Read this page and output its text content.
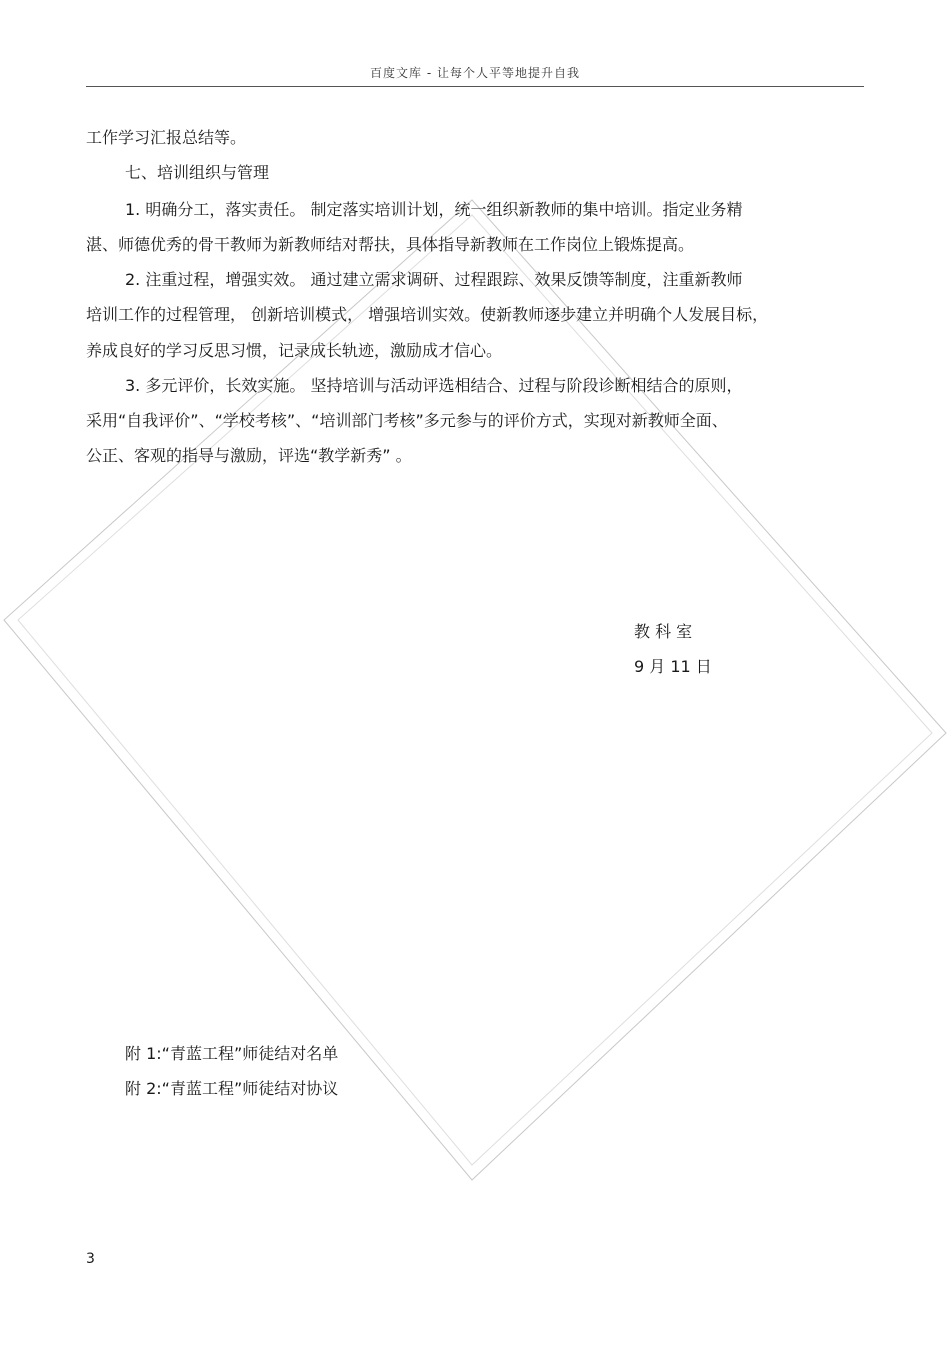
百度文库 - 让每个人平等地提升自我
工作学习汇报总结等。
七、培训组织与管理
1. 明确分工，落实责任。 制定落实培训计划，统一组织新教师的集中培训。指定业务精
湛、师德优秀的骨干教师为新教师结对帮扶，具体指导新教师在工作岗位上锻炼提高。
2. 注重过程，增强实效。 通过建立需求调研、过程跟踪、效果反馈等制度，注重新教师
培训工作的过程管理， 创新培训模式， 增强培训实效。使新教师逐步建立并明确个人发展目标，
养成良好的学习反思习惯，记录成长轨迹，激励成才信心。
3. 多元评价，长效实施。 坚持培训与活动评选相结合、过程与阶段诊断相结合的原则，
采用“自我评价”、“学校考核”、“培训部门考核”多元参与的评价方式，实现对新教师全面、
公正、客观的指导与激励，评选“教学新秀” 。
教 科 室
9 月 11 日
附 1:“青蓝工程”师徒结对名单
附 2:“青蓝工程”师徒结对协议
3
